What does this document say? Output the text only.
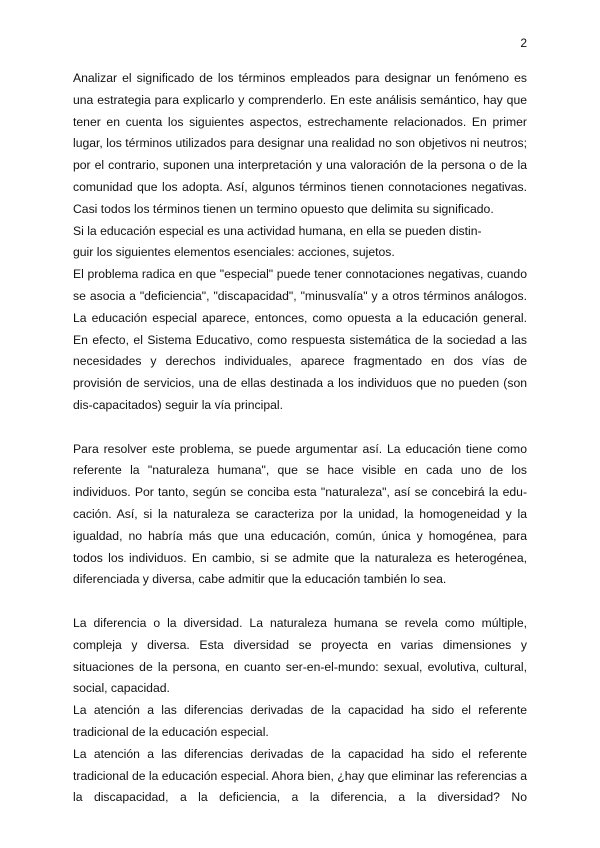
2

Analizar el significado de los términos empleados para designar un fenómeno es una estrategia para explicarlo y comprenderlo. En este análisis semántico, hay que tener en cuenta los siguientes aspectos, estrechamente relacionados. En primer lugar, los términos utilizados para designar una realidad no son objetivos ni neutros; por el contrario, suponen una interpretación y una valoración de la persona o de la comunidad que los adopta. Así, algunos términos tienen connotaciones negativas. Casi todos los términos tienen un termino opuesto que delimita su significado.

Si la educación especial es una actividad humana, en ella se pueden distin-

guir los siguientes elementos esenciales: acciones, sujetos.

El problema radica en que "especial" puede tener connotaciones negativas, cuando se asocia a "deficiencia", "discapacidad", "minusvalía" y a otros términos análogos. La educación especial aparece, entonces, como opuesta a la educación general. En efecto, el Sistema Educativo, como respuesta sistemática de la sociedad a las necesidades y derechos individuales, aparece fragmentado en dos vías de provisión de servicios, una de ellas destinada a los individuos que no pueden (son dis-capacitados) seguir la vía principal.

Para resolver este problema, se puede argumentar así. La educación tiene como referente la "naturaleza humana", que se hace visible en cada uno de los individuos. Por tanto, según se conciba esta "naturaleza", así se concebirá la edu-cación. Así, si la naturaleza se caracteriza por la unidad, la homogeneidad y la igualdad, no habría más que una educación, común, única y homogénea, para todos los individuos. En cambio, si se admite que la naturaleza es heterogénea, diferenciada y diversa, cabe admitir que la educación también lo sea.

La diferencia o la diversidad. La naturaleza humana se revela como múltiple, compleja y diversa. Esta diversidad se proyecta en varias dimensiones y situaciones de la persona, en cuanto ser-en-el-mundo: sexual, evolutiva, cultural, social, capacidad.

La atención a las diferencias derivadas de la capacidad ha sido el referente tradicional de la educación especial.

La atención a las diferencias derivadas de la capacidad ha sido el referente tradicional de la educación especial. Ahora bien, ¿hay que eliminar las referencias a la discapacidad, a la deficiencia, a la diferencia, a la diversidad? No
